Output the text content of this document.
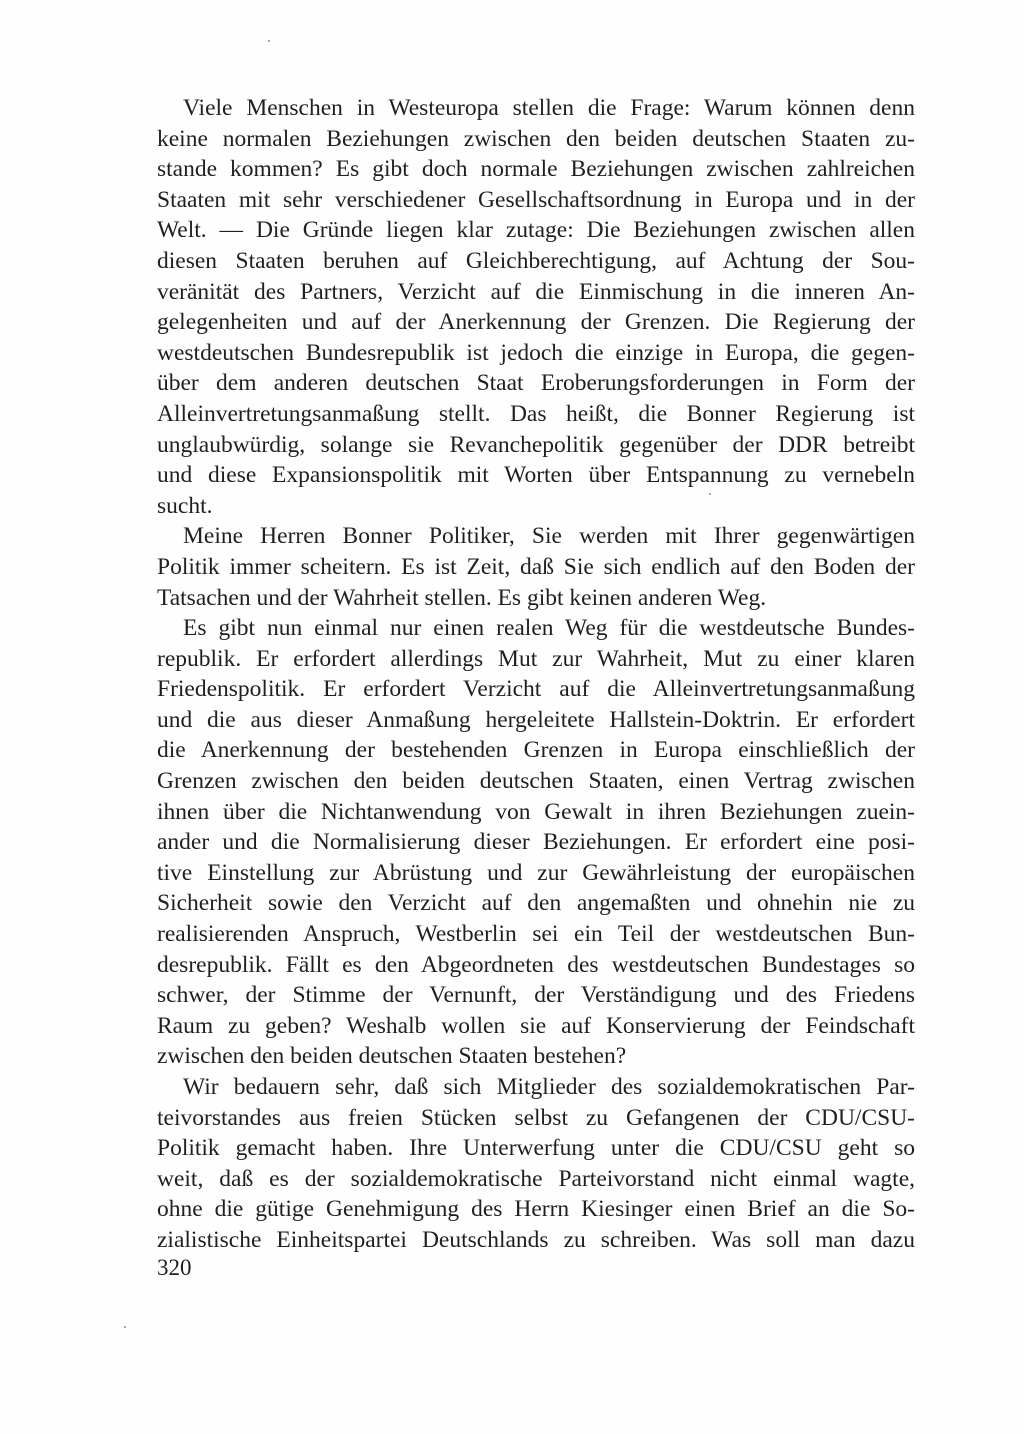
Viele Menschen in Westeuropa stellen die Frage: Warum können denn
keine normalen Beziehungen zwischen den beiden deutschen Staaten zu-
stande kommen? Es gibt doch normale Beziehungen zwischen zahlreichen
Staaten mit sehr verschiedener Gesellschaftsordnung in Europa und in der
Welt. — Die Gründe liegen klar zutage: Die Beziehungen zwischen allen
diesen Staaten beruhen auf Gleichberechtigung, auf Achtung der Sou-
veränität des Partners, Verzicht auf die Einmischung in die inneren An-
gelegenheiten und auf der Anerkennung der Grenzen. Die Regierung der
westdeutschen Bundesrepublik ist jedoch die einzige in Europa, die gegen-
über dem anderen deutschen Staat Eroberungsforderungen in Form der
Alleinvertretungsanmaßung stellt. Das heißt, die Bonner Regierung ist
unglaubwürdig, solange sie Revanchepolitik gegenüber der DDR betreibt
und diese Expansionspolitik mit Worten über Entspannung zu vernebeln
sucht.
Meine Herren Bonner Politiker, Sie werden mit Ihrer gegenwärtigen
Politik immer scheitern. Es ist Zeit, daß Sie sich endlich auf den Boden der
Tatsachen und der Wahrheit stellen. Es gibt keinen anderen Weg.
Es gibt nun einmal nur einen realen Weg für die westdeutsche Bundes-
republik. Er erfordert allerdings Mut zur Wahrheit, Mut zu einer klaren
Friedenspolitik. Er erfordert Verzicht auf die Alleinvertretungsanmaßung
und die aus dieser Anmaßung hergeleitete Hallstein-Doktrin. Er erfordert
die Anerkennung der bestehenden Grenzen in Europa einschließlich der
Grenzen zwischen den beiden deutschen Staaten, einen Vertrag zwischen
ihnen über die Nichtanwendung von Gewalt in ihren Beziehungen zuein-
ander und die Normalisierung dieser Beziehungen. Er erfordert eine posi-
tive Einstellung zur Abrüstung und zur Gewährleistung der europäischen
Sicherheit sowie den Verzicht auf den angemaßten und ohnehin nie zu
realisierenden Anspruch, Westberlin sei ein Teil der westdeutschen Bun-
desrepublik. Fällt es den Abgeordneten des westdeutschen Bundestages so
schwer, der Stimme der Vernunft, der Verständigung und des Friedens
Raum zu geben? Weshalb wollen sie auf Konservierung der Feindschaft
zwischen den beiden deutschen Staaten bestehen?
Wir bedauern sehr, daß sich Mitglieder des sozialdemokratischen Par-
teivorstandes aus freien Stücken selbst zu Gefangenen der CDU/CSU-
Politik gemacht haben. Ihre Unterwerfung unter die CDU/CSU geht so
weit, daß es der sozialdemokratische Parteivorstand nicht einmal wagte,
ohne die gütige Genehmigung des Herrn Kiesinger einen Brief an die So-
zialistische Einheitspartei Deutschlands zu schreiben. Was soll man dazu
320
